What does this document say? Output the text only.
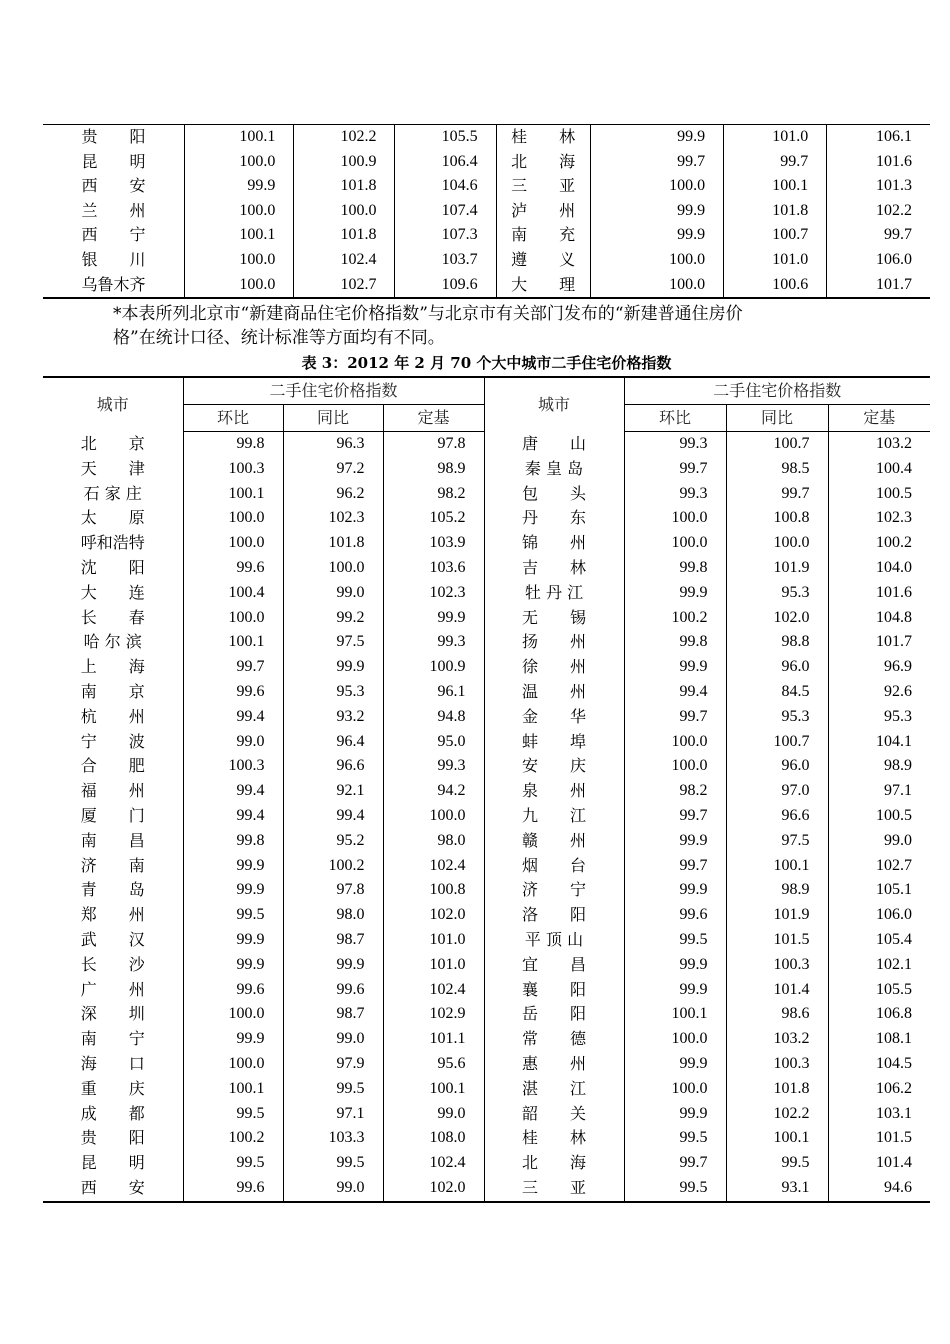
贵　　阳	100.1	102.2	105.5	桂　　林	99.9	101.0	106.1
昆　　明	100.0	100.9	106.4	北　　海	99.7	99.7	101.6
西　　安	99.9	101.8	104.6	三　　亚	100.0	100.1	101.3
兰　　州	100.0	100.0	107.4	泸　　州	99.9	101.8	102.2
西　　宁	100.1	101.8	107.3	南　　充	99.9	100.7	99.7
银　　川	100.0	102.4	103.7	遵　　义	100.0	101.0	106.0
乌鲁木齐	100.0	102.7	109.6	大　　理	100.0	100.6	101.7
*本表所列北京市“新建商品住宅价格指数”与北京市有关部门发布的“新建普通住房价
格”在统计口径、统计标准等方面均有不同。
表 3：2012 年 2 月 70 个大中城市二手住宅价格指数
城市	二手住宅价格指数			城市	二手住宅价格指数		
	环比	同比	定基		环比	同比	定基
北　　京	99.8	96.3	97.8	唐　　山	99.3	100.7	103.2
天　　津	100.3	97.2	98.9	秦 皇 岛	99.7	98.5	100.4
石 家 庄	100.1	96.2	98.2	包　　头	99.3	99.7	100.5
太　　原	100.0	102.3	105.2	丹　　东	100.0	100.8	102.3
呼和浩特	100.0	101.8	103.9	锦　　州	100.0	100.0	100.2
沈　　阳	99.6	100.0	103.6	吉　　林	99.8	101.9	104.0
大　　连	100.4	99.0	102.3	牡 丹 江	99.9	95.3	101.6
长　　春	100.0	99.2	99.9	无　　锡	100.2	102.0	104.8
哈 尔 滨	100.1	97.5	99.3	扬　　州	99.8	98.8	101.7
上　　海	99.7	99.9	100.9	徐　　州	99.9	96.0	96.9
南　　京	99.6	95.3	96.1	温　　州	99.4	84.5	92.6
杭　　州	99.4	93.2	94.8	金　　华	99.7	95.3	95.3
宁　　波	99.0	96.4	95.0	蚌　　埠	100.0	100.7	104.1
合　　肥	100.3	96.6	99.3	安　　庆	100.0	96.0	98.9
福　　州	99.4	92.1	94.2	泉　　州	98.2	97.0	97.1
厦　　门	99.4	99.4	100.0	九　　江	99.7	96.6	100.5
南　　昌	99.8	95.2	98.0	赣　　州	99.9	97.5	99.0
济　　南	99.9	100.2	102.4	烟　　台	99.7	100.1	102.7
青　　岛	99.9	97.8	100.8	济　　宁	99.9	98.9	105.1
郑　　州	99.5	98.0	102.0	洛　　阳	99.6	101.9	106.0
武　　汉	99.9	98.7	101.0	平 顶 山	99.5	101.5	105.4
长　　沙	99.9	99.9	101.0	宜　　昌	99.9	100.3	102.1
广　　州	99.6	99.6	102.4	襄　　阳	99.9	101.4	105.5
深　　圳	100.0	98.7	102.9	岳　　阳	100.1	98.6	106.8
南　　宁	99.9	99.0	101.1	常　　德	100.0	103.2	108.1
海　　口	100.0	97.9	95.6	惠　　州	99.9	100.3	104.5
重　　庆	100.1	99.5	100.1	湛　　江	100.0	101.8	106.2
成　　都	99.5	97.1	99.0	韶　　关	99.9	102.2	103.1
贵　　阳	100.2	103.3	108.0	桂　　林	99.5	100.1	101.5
昆　　明	99.5	99.5	102.4	北　　海	99.7	99.5	101.4
西　　安	99.6	99.0	102.0	三　　亚	99.5	93.1	94.6
